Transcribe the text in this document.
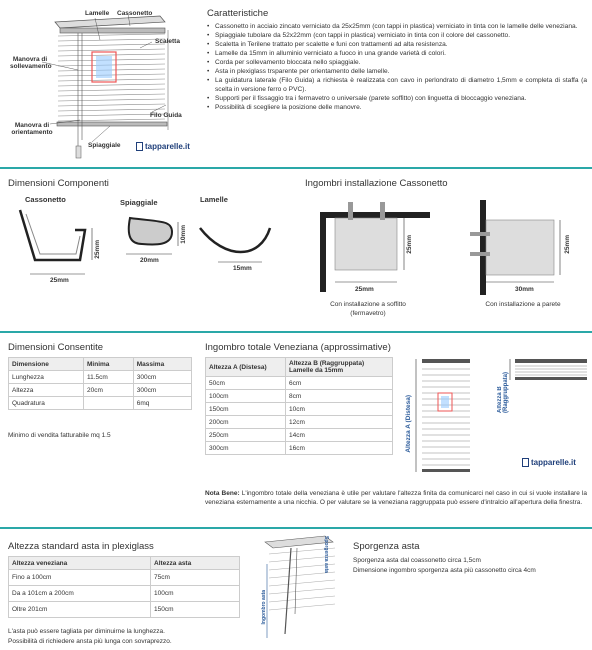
Lamelle Cassonetto
Scaletta
Manovra di sollevamento
Filo Guida
Manovra di orientamento
Spiaggiale	tapparelle.it
Caratteristiche
• Cassonetto in acciaio zincato verniciato da 25x25mm (con tappi in plastica) verniciato in tinta con le lamelle delle veneziana.
• Spiaggiale tubolare da 52x22mm (con tappi in plastica) verniciato in tinta con il colore del cassonetto.
• Scaletta in Terilene trattato per scalette e funi con trattamenti ad alta resistenza.
• Lamelle da 15mm in alluminio verniciato a fuoco in una grande varietà di colori.
• Corda per sollevamento bloccata nello spiaggiale.
• Asta in plexiglass trsparente per orientamento delle lamelle.
• La guidatura laterale (Filo Guida) a richiesta è realizzata con cavo in perlondrato di diametro 1,5mm e completa di staffa (a scelta in versione ferro o PVC).
• Supporti per il fissaggio tra i fermavetro o universale (parete soffitto) con linguetta di bloccaggio veneziana.
• Possibilità di scegliere la posizione delle manovre.
Dimensioni Componenti	Ingombri installazione Cassonetto
Cassonetto	Spiaggiale	Lamelle
25mm
25mm
10mm
20mm
15mm
25mm
25mm
25mm
30mm
Con installazione a soffitto (fermavetro)
Con installazione a parete
Dimensioni Consentite
Dimensione	Minima	Massima
Lunghezza	11.5cm	300cm
Altezza	20cm	300cm
Quadratura		6mq
Minimo di vendita fatturabile mq 1.5
Ingombro totale Veneziana (approssimative)
Altezza A (Distesa)	Altezza B (Raggruppata) Lamelle da 15mm
50cm	6cm
100cm	8cm
150cm	10cm
200cm	12cm
250cm	14cm
300cm	16cm	Altezza A (Distesa)	Altezza B (Raggruppata)
tapparelle.it
Nota Bene: L'ingombro totale della veneziana è utile per valutare l'altezza finita da comunicarci nel caso in cui si vuole installare la veneziana esternamente a una nicchia. O per valutare se la veneziana raggruppata può essere d'intralcio all'apertura della finestra.
Altezza standard asta in plexiglass
Altezza veneziana	Altezza asta
Fino a 100cm	75cm
Da a 101cm a 200cm	100cm
Oltre 201cm	150cm
L'asta può essere tagliata per diminuirne la lunghezza.
Possibilità di richiedere ansta più lunga con sovraprezzo.
Sporgenza asta
Ingombro asta
Sporgenza asta
Sporgenza asta dal coassonetto circa 1,5cm
Dimensione ingombro sporgenza asta più cassonetto circa 4cm
